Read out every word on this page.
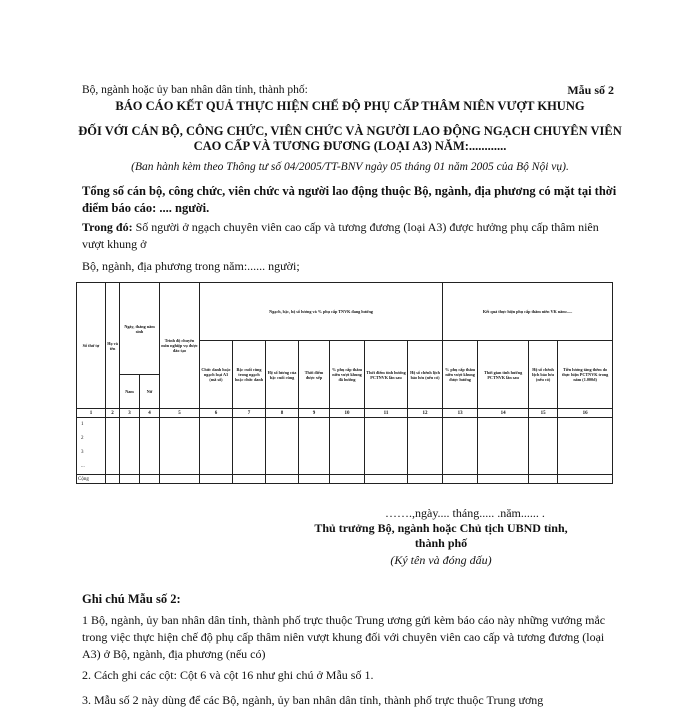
Bộ, ngành hoặc ủy ban nhân dân tỉnh, thành phố:	Mẫu số 2
BÁO CÁO KẾT QUẢ THỰC HIỆN CHẾ ĐỘ PHỤ CẤP THÂM NIÊN VƯỢT KHUNG
ĐỐI VỚI CÁN BỘ, CÔNG CHỨC, VIÊN CHỨC VÀ NGƯỜI LAO ĐỘNG NGẠCH CHUYÊN VIÊN CAO CẤP VÀ TƯƠNG ĐƯƠNG (LOẠI A3) NĂM:............
(Ban hành kèm theo Thông tư số 04/2005/TT-BNV ngày 05 tháng 01 năm 2005 của Bộ Nội vụ).
Tổng số cán bộ, công chức, viên chức và người lao động thuộc Bộ, ngành, địa phương có mặt tại thời điểm báo cáo: .... người.
Trong đó: Số người ở ngạch chuyên viên cao cấp và tương đương (loại A3) được hưởng phụ cấp thâm niên vượt khung ở
Bộ, ngành, địa phương trong năm:...... người;
Số thứ tự	Họ và tên	Ngày, tháng năm sinh		Trình độ chuyên môn nghiệp vụ được đào tạo	Ngạch, bậc, hệ số lương và % phụ cấp TNVK đang hưởng							Kết quả thực hiện phụ cấp thâm niên VK năm:.....			
					Chức danh hoặc ngạch loại A3 (mã số)	Bậc cuối cùng trong ngạch hoặc chức danh	Hệ số lương của bậc cuối cùng	Thời điểm được xếp	% phụ cấp thâm niên vượt khung đã hưởng	Thời điểm tính hưởng PCTNVK lần sau	Hệ số chênh lệch bảo lưu (nếu có)	% phụ cấp thâm niên vượt khung được hưởng	Thời gian tính hưởng PCTNVK lần sau	Hệ số chênh lệch bảo lưu (nếu có)	Tiền lương tăng thêm do thực hiện PCTNVK trong năm (1.000đ)
		Nam	Nữ												
1	2	3	4	5	6	7	8	9	10	11	12	13	14	15	16

1
2
3
...															

Cộng															
…….,ngày.... tháng..... .năm...... .
Thủ trưởng Bộ, ngành hoặc Chủ tịch UBND tỉnh, thành phố
(Ký tên và đóng dấu)
Ghi chú Mẫu số 2:
1 Bộ, ngành, ủy ban nhân dân tỉnh, thành phố trực thuộc Trung ương gửi kèm báo cáo này những vướng mắc trong việc thực hiện chế độ phụ cấp thâm niên vượt khung đối với chuyên viên cao cấp và tương đương (loại A3) ở Bộ, ngành, địa phương (nếu có)
2. Cách ghi các cột: Cột 6 và cột 16 như ghi chú ở Mẫu số 1.
3. Mẫu số 2 này dùng để các Bộ, ngành, ủy ban nhân dân tỉnh, thành phố trực thuộc Trung ương
